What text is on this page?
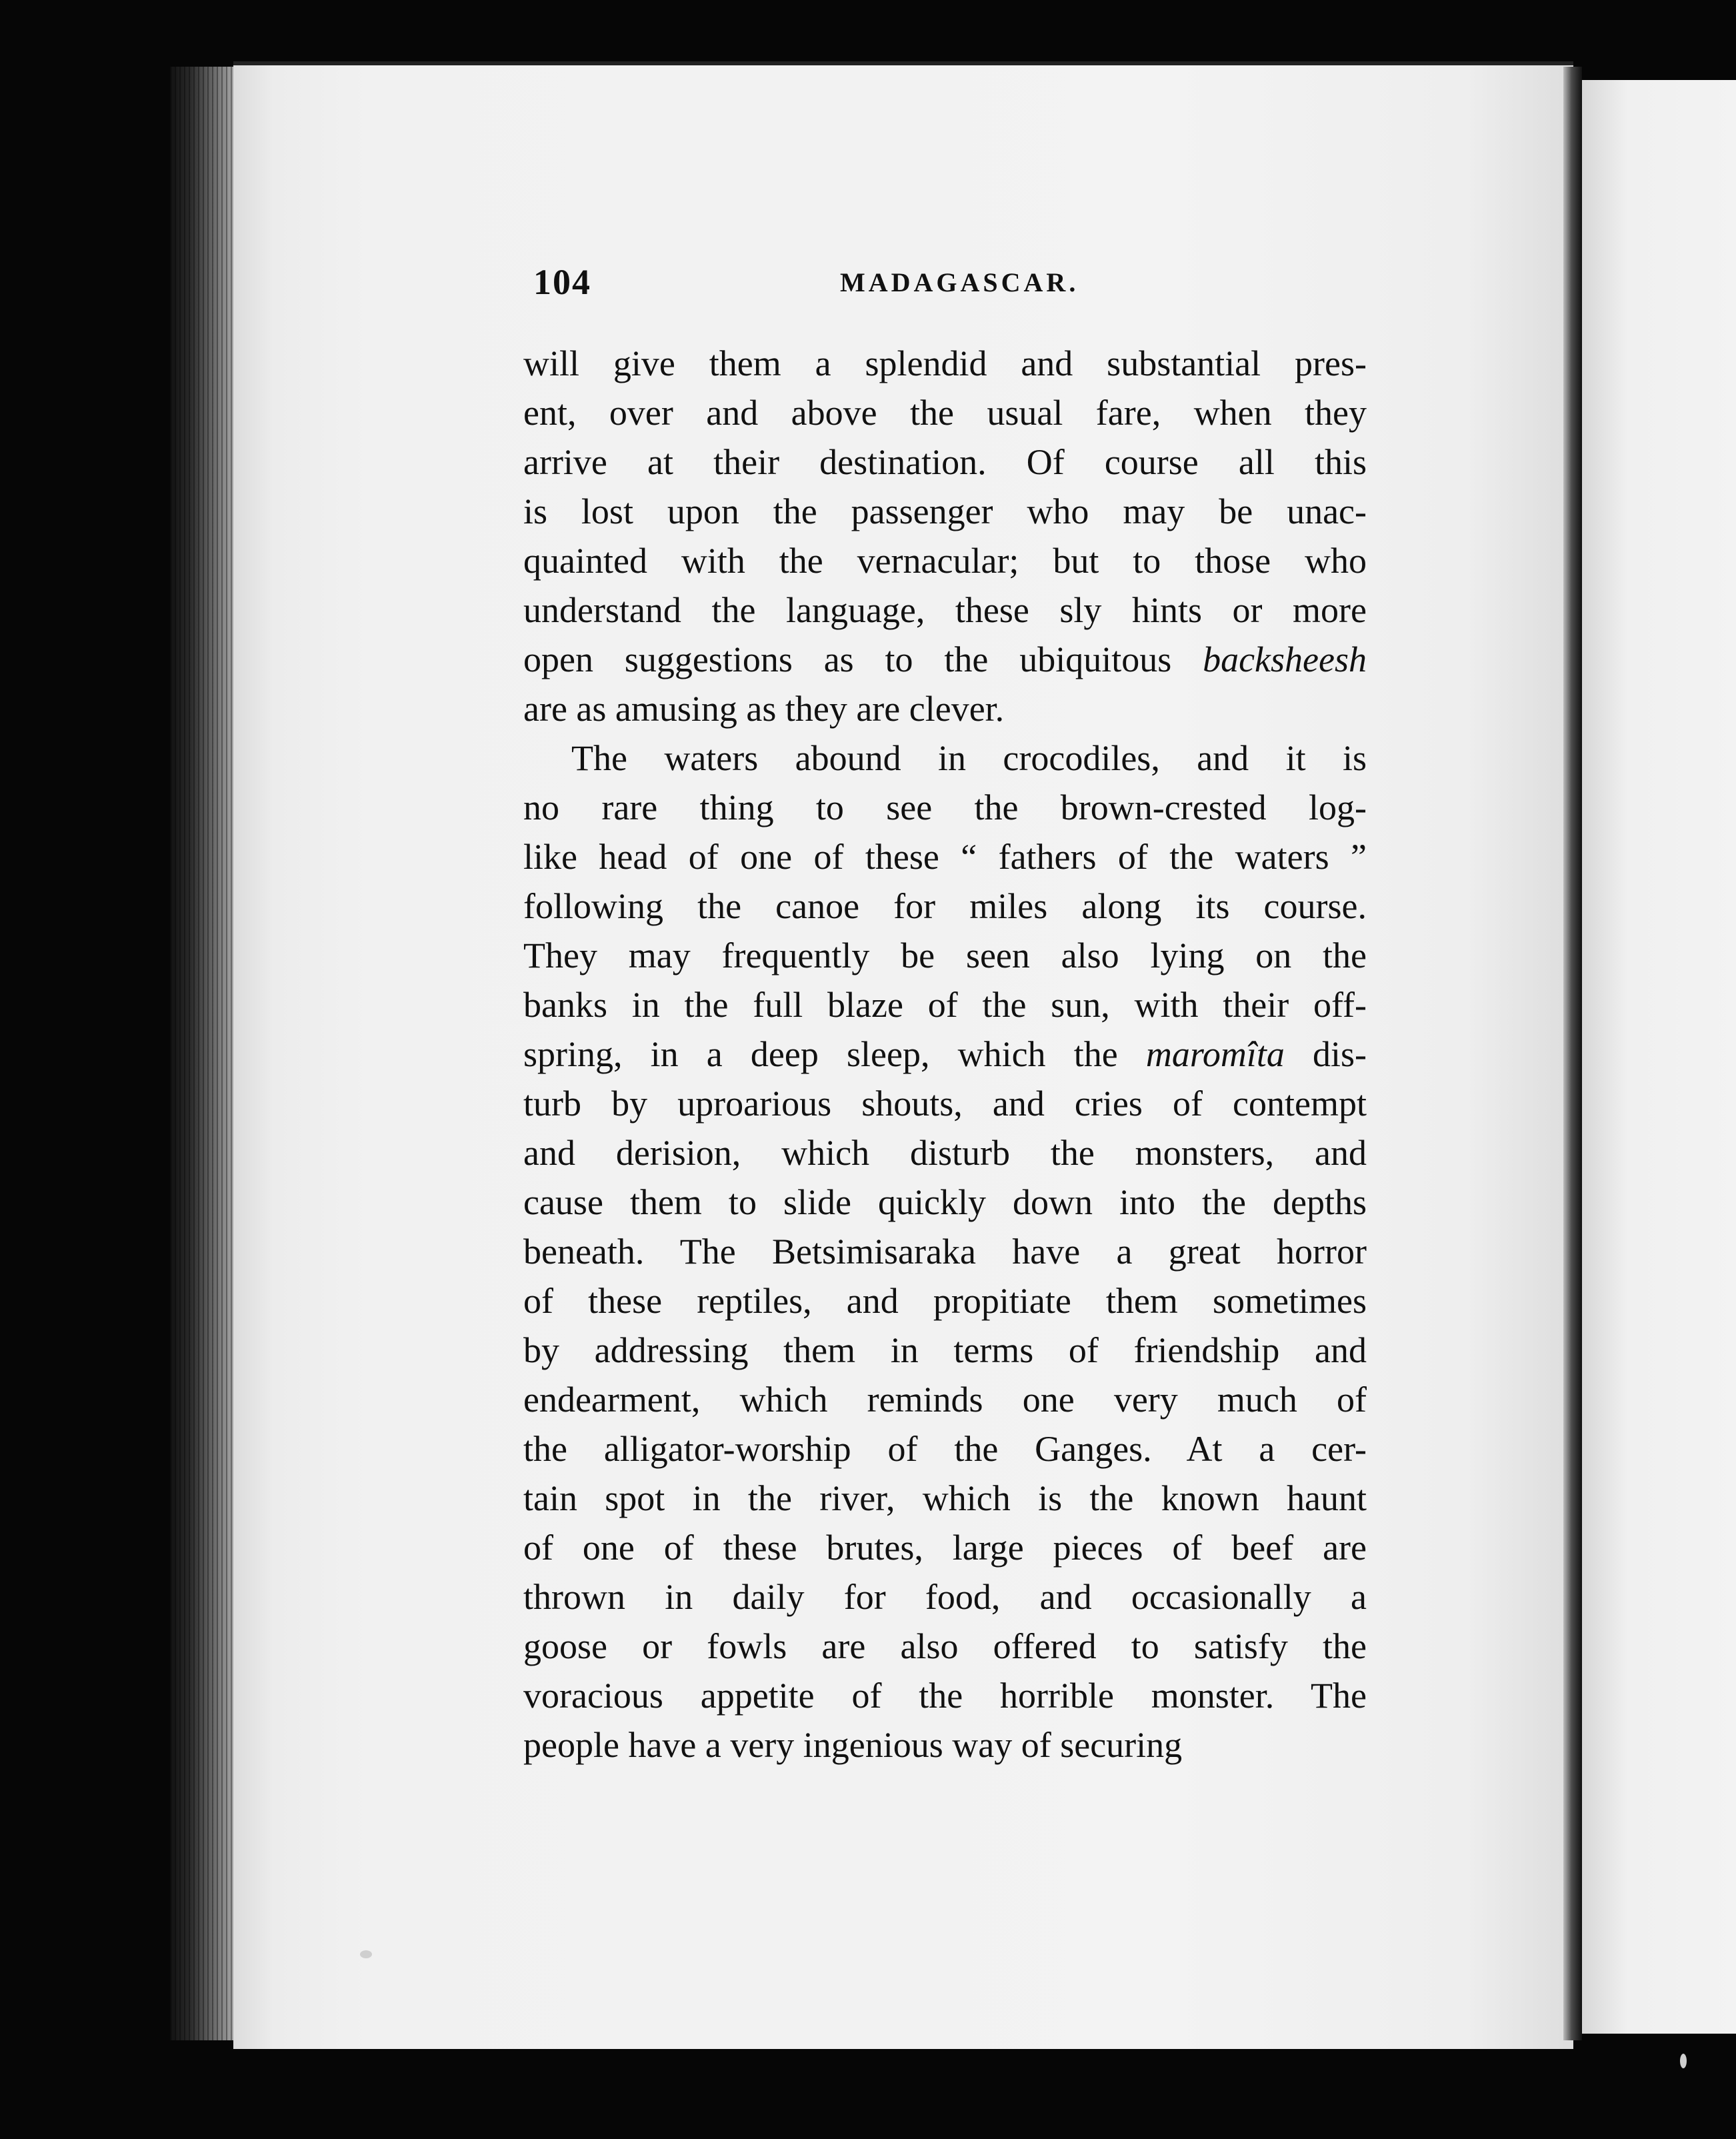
104	MADAGASCAR.
will give them a splendid and substantial pres-
ent, over and above the usual fare, when they
arrive at their destination. Of course all this
is lost upon the passenger who may be unac-
quainted with the vernacular; but to those who
understand the language, these sly hints or more
open suggestions as to the ubiquitous backsheesh
are as amusing as they are clever.
The waters abound in crocodiles, and it is
no rare thing to see the brown-crested log-
like head of one of these “ fathers of the waters ”
following the canoe for miles along its course.
They may frequently be seen also lying on the
banks in the full blaze of the sun, with their off-
spring, in a deep sleep, which the maromîta dis-
turb by uproarious shouts, and cries of contempt
and derision, which disturb the monsters, and
cause them to slide quickly down into the depths
beneath. The Betsimisaraka have a great horror
of these reptiles, and propitiate them sometimes
by addressing them in terms of friendship and
endearment, which reminds one very much of
the alligator-worship of the Ganges. At a cer-
tain spot in the river, which is the known haunt
of one of these brutes, large pieces of beef are
thrown in daily for food, and occasionally a
goose or fowls are also offered to satisfy the
voracious appetite of the horrible monster. The
people have a very ingenious way of securing
